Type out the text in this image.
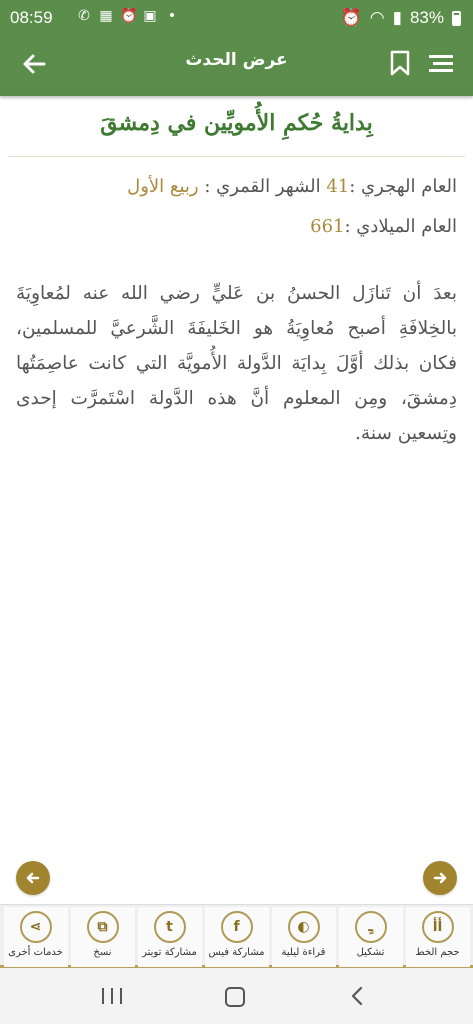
08:59 ✆ ▦ ⏰ ▣ •	⏰ ◠ ▮ 83%
عرض الحدث
بِدايةُ حُكمِ الأُمويِّين في دِمشقَ
العام الهجري :41 الشهر القمري : ربيع الأول
العام الميلادي :661
بعدَ أن تَنازَل الحسنُ بن عَليٍّ رضي الله عنه لمُعاوِيَةَ بالخِلافَةِ أصبح مُعاوِيَةُ هو الخَليفَةَ الشَّرعيَّ للمسلمين، فكان بذلك أوَّلَ بِدايَة الدَّولة الأُمويَّة التي كانت عاصِمَتُها دِمشقَ، ومِن المعلوم أنَّ هذه الدَّولة اسْتَمرَّت إحدى وتِسعين سنة.
أأ
حجم الخط
ـٍ
تشكيل
◐
قراءة ليلية
f
مشاركة فيس
t
مشاركة تويتر
⧉
نسخ
⋖
خدمات أخرى
